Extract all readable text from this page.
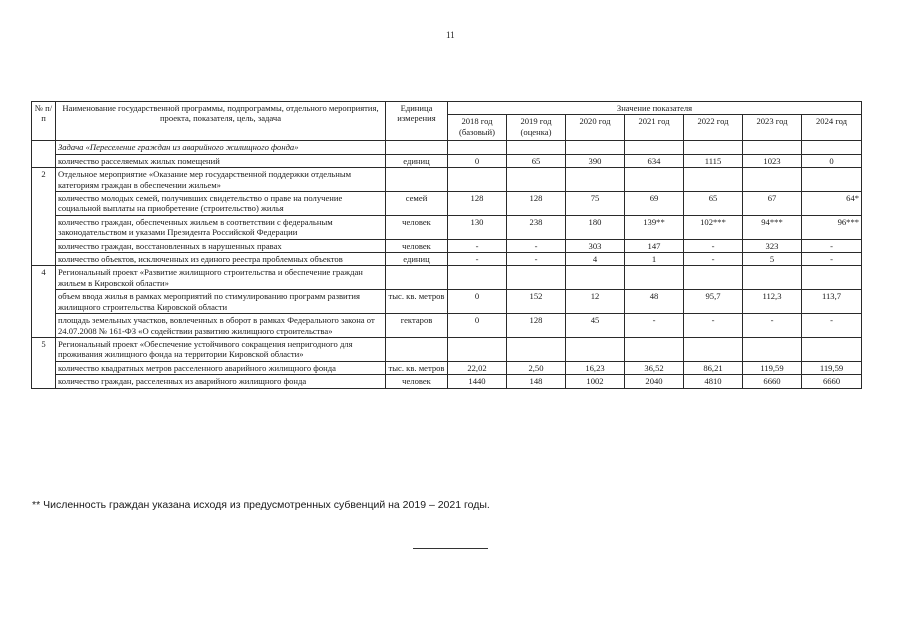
11
№ п/п	Наименование государственной программы, подпрограммы, отдельного мероприятия, проекта, показателя, цель, задача	Единица измерения	Значение показателя						
			2018 год (базовый)	2019 год (оценка)	2020 год	2021 год	2022 год	2023 год	2024 год
	Задача «Переселение граждан из аварийного жилищного фонда»								
	количество расселяемых жилых помещений	единиц	0	65	390	634	1115	1023	0
2	Отдельное мероприятие «Оказание мер государственной поддержки отдельным категориям граждан в обеспечении жильем»								
	количество молодых семей, получивших свидетельство о праве на получение социальной выплаты на приобретение (строительство) жилья	семей	128	128	75	69	65	67	64*
	количество граждан, обеспеченных жильем в соответствии с федеральным законодательством и указами Президента Российской Федерации	человек	130	238	180	139**	102***	94***	96***
	количество граждан, восстановленных в нарушенных правах	человек	-	-	303	147	-	323	-
	количество объектов, исключенных из единого реестра проблемных объектов	единиц	-	-	4	1	-	5	-
4	Региональный проект «Развитие жилищного строительства и обеспечение граждан жильем в Кировской области»								
	объем ввода жилья в рамках мероприятий по стимулированию программ развития жилищного строительства Кировской области	тыс. кв. метров	0	152	12	48	95,7	112,3	113,7
	площадь земельных участков, вовлеченных в оборот в рамках Федерального закона от 24.07.2008 № 161-ФЗ «О содействии развитию жилищного строительства»	гектаров	0	128	45	-	-	-	-
5	Региональный проект «Обеспечение устойчивого сокращения непригодного для проживания жилищного фонда на территории Кировской области»								
	количество квадратных метров расселенного аварийного жилищного фонда	тыс. кв. метров	22,02	2,50	16,23	36,52	86,21	119,59	119,59
	количество граждан, расселенных из аварийного жилищного фонда	человек	1440	148	1002	2040	4810	6660	6660
** Численность граждан указана исходя из предусмотренных субвенций на 2019 – 2021 годы.
